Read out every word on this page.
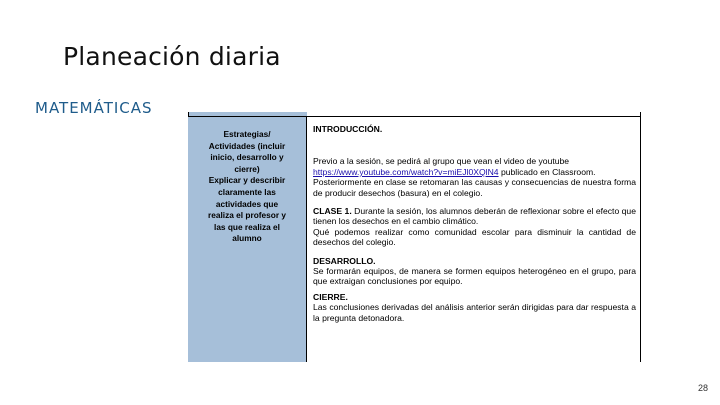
Planeación diaria
MATEMÁTICAS
Estrategias/
Actividades (incluir
inicio, desarrollo y
cierre)
Explicar y describir
claramente las
actividades que
realiza el profesor y
las que realiza el
alumno

INTRODUCCIÓN.

Previo a la sesión, se pedirá al grupo que vean el video de youtube
https://www.youtube.com/watch?v=miEJl0XQlN4 publicado en Classroom.

Posteriormente en clase se retomaran las causas y consecuencias de nuestra forma de producir desechos (basura) en el colegio.

CLASE 1. Durante la sesión, los alumnos deberán de reflexionar sobre el efecto que tienen los desechos en el cambio climático.

Qué podemos realizar como comunidad escolar para disminuir la cantidad de desechos del colegio.

DESARROLLO.

Se formarán equipos, de manera se formen equipos heterogéneo en el grupo, para que extraigan conclusiones por equipo.

CIERRE.

Las conclusiones derivadas del análisis anterior serán dirigidas para dar respuesta a la pregunta detonadora.

28
